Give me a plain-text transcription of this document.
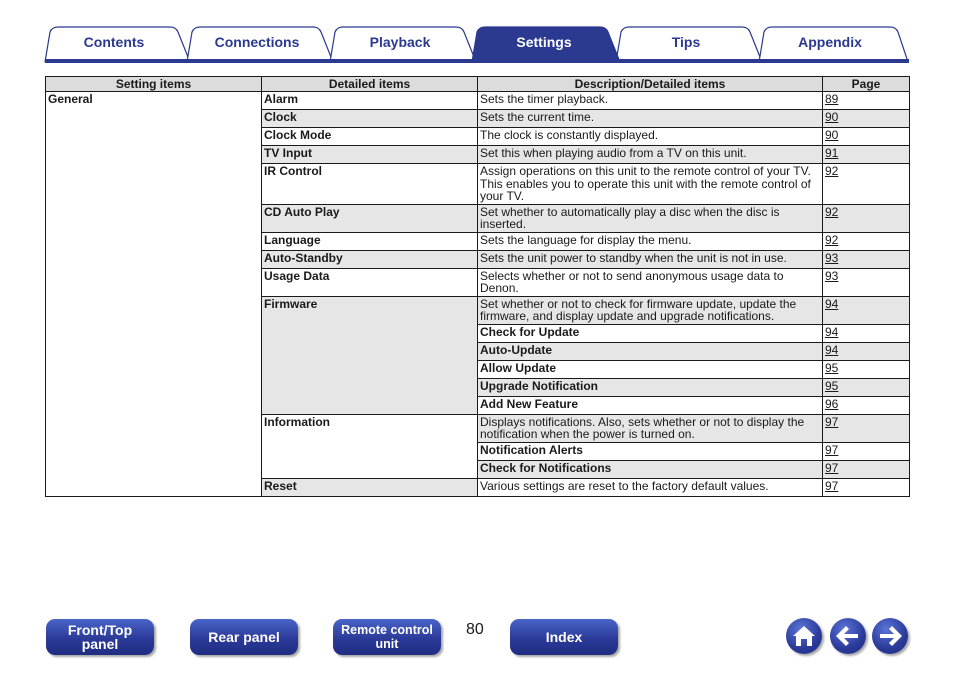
Contents	Connections	Playback	Settings	Tips	Appendix
Setting items	Detailed items	Description/Detailed items	Page
General	Alarm	Sets the timer playback.	89
	Clock	Sets the current time.	90
	Clock Mode	The clock is constantly displayed.	90
	TV Input	Set this when playing audio from a TV on this unit.	91
	IR Control	Assign operations on this unit to the remote control of your TV. This enables you to operate this unit with the remote control of your TV.	92
	CD Auto Play	Set whether to automatically play a disc when the disc is inserted.	92
	Language	Sets the language for display the menu.	92
	Auto-Standby	Sets the unit power to standby when the unit is not in use.	93
	Usage Data	Selects whether or not to send anonymous usage data to Denon.	93
	Firmware	Set whether or not to check for firmware update, update the firmware, and display update and upgrade notifications.	94
		Check for Update	94
		Auto-Update	94
		Allow Update	95
		Upgrade Notification	95
		Add New Feature	96
	Information	Displays notifications. Also, sets whether or not to display the notification when the power is turned on.	97
		Notification Alerts	97
		Check for Notifications	97
	Reset	Various settings are reset to the factory default values.	97
Front/Top
panel	Rear panel	Remote control
unit
80	Index
